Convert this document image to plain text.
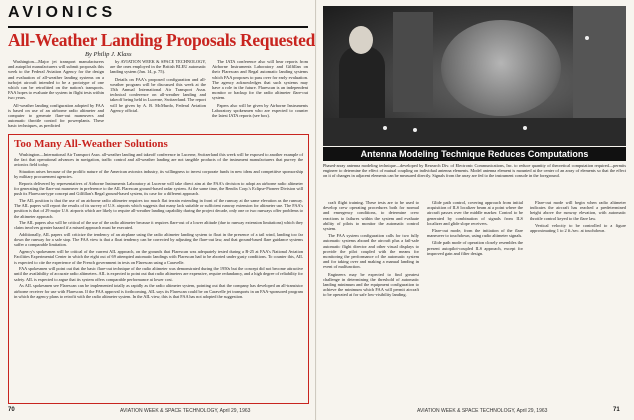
AVIONICS
All-Weather Landing Proposals Requested
By Philip J. Klass

Washington—Major jet transport manufacturers and autopilot manufacturers will submit proposals this week to the Federal Aviation Agency for the design and evaluation of all-weather landing systems on a turbojet aircraft intended to be a prototype of one which can be retrofitted on the nation's transports. FAA hopes to evaluate the system in flight tests within two years.

All-weather landing configuration adopted by FAA is based on use of an airborne radio altimeter and computer to generate flare-out maneuvers and automatic throttle control for powerplants. These basic techniques, as predicted

by AVIATION WEEK & SPACE TECHNOLOGY, are the ones employed in the British BLEU automatic landing system (Jan. 14, p. 75).

Details on FAA's proposed configuration and all-weather program will be discussed this week at the 15th Annual International Air Transport Assn. technical conference on all-weather landing and takeoff being held in Lucerne, Switzerland. The report will be given by A. B. McMurdo, Federal Aviation Agency official.

The IATA conference also will hear reports from Airborne Instruments Laboratory and Gilfillan on their Flarescan and Regal automatic landing systems which FAA proposes to pass over for early evaluation. The agency acknowledges that such systems may have a role in the future. Flarescan is an independent monitor or backup for the radio altimeter flare-out system.

Papers also will be given by Airborne Instruments Laboratory spokesmen who are expected to counter the latest IATA reports (see box).

Too Many All-Weather Solutions

Washington—International Air Transport Assn. all-weather landing and takeoff conference in Lucerne, Switzerland this week will be exposed to another example of the fact that operational advances in navigation, traffic control and all-weather landing are not tangible products of the instrument manufacturers that purvey the avionics field today.

Situation arises because of the prolific nature of the American avionics industry, its willingness to invest corporate funds in new ideas and competitive sponsorship by military procurement agencies.

Reports delivered by representatives of Airborne Instruments Laboratory at Lucerne will take direct aim at the FAA's decision to adopt an airborne radio altimeter for generating the flare-out maneuver in preference to the AIL Flarescan ground-based radar system. At the same time, the Bendix Corp.'s Eclipse-Pioneer Division will push its Flarescan-type concept and Gilfillan's Regal ground-based system, its case for a different approach.

The AIL position is that the use of an airborne radio altimeter requires too much flat terrain extending in front of the runway at the same elevation as the runway. The AIL papers will report the results of its survey of U.S. airports which suggests that many lack suitable or sufficient runway extension for altimeter use. The FAA's position is that of 29 major U.S. airports which are likely to require all-weather landing capability during the project decade, only one or two runways offer problems to the altimeter approach.

The AIL papers also will be critical of the use of the radio altimeter because it requires flare-out of a lower altitude (due to runway extension limitations) which they claim involves greater hazard if a missed approach must be executed.

Additionally, AIL papers will criticize the tendency of an airplane using the radio altimeter landing system to float in the presence of a tail wind, landing too far down the runway for a safe stop. The FAA view is that a float tendency can be corrected by adjusting the flare-out law, and that ground-based flare guidance systems suffer a comparable limitation.

Agency's spokesmen will be critical of the current AIL approach, on the grounds that Flarescan was adequately tested during a B-25 at FAA's National Aviation Facilities Experimental Center in which the eight out of 69 attempted automatic landings with Flarescan had to be aborted under gusty conditions. To counter this, AIL is expected to cite the experience of the French government in tests on Flarescan using a Caravelle.

FAA spokesmen will point out that the basic flare-out technique of the radio altimeter was demonstrated during the 1950s but the concept did not become attractive until the availability of accurate radio altimeters. AIL is expected to point out that radio altimeters are expensive, require redundancy, and a high degree of reliability for safety. AIL is expected to argue that its system offers comparable performance at lower cost.

As AIL spokesmen see Flarescan can be implemented totally as rapidly as the radio altimeter system, pointing out that the company has developed an all-transistor airborne receiver for use with Flarescan. If the FAA approval is forthcoming, AIL says its Flarescan could be on Caravelle jet transports in an FAA-sponsored program in which the agency plans to retrofit with the radio altimeter system. In the AIL view, this is that FAA has not adopted the suggestion.

70	AVIATION WEEK & SPACE TECHNOLOGY, April 29, 1963
Antenna Modeling Technique Reduces Computations
Phased-array antenna modeling technique—developed by Research Div. of Electronic Communications, Inc. to reduce quantity of theoretical computation required—permits engineer to determine the effect of mutual coupling on individual antenna elements. Model antenna element is mounted at the center of an array of elements so that the effect on it of changes in adjacent elements can be measured directly. Signals from the array are fed to the instrument console in the foreground.

craft flight training. These tests are to be used to develop crew operating procedures both for normal and emergency conditions, to determine crew reactions to failures within the system and evaluate ability of pilots to monitor the automatic control system.

The FAA system configuration calls for two fully automatic systems aboard the aircraft plus a fail-safe automatic flight director and other visual displays to provide the pilot coupled with the means for monitoring the performance of the automatic system and for taking over and making a manual landing in event of malfunction.

Engineers may be expected to find greatest challenge in determining the threshold of automatic landing minimum and the equipment configuration to achieve the minimum which FAA will permit aircraft to be operated at for safe low-visibility landing.

Glide path control, covering approach from initial acquisition of ILS localizer beam at a point where the aircraft passes over the middle marker. Control to be generated by combination of signals from ILS localizer and glide slope receivers.

Flare-out mode, from the initiation of the flare maneuver to touchdown, using radio altimeter signals.

Glide path mode of operation closely resembles the present autopilot-coupled ILS approach, except for improved gain and filter design.

Flare-out mode will begin when radio altimeter indicates the aircraft has reached a predetermined height above the runway elevation, with automatic throttle control keyed to the flare law.

Vertical velocity to be controlled to a figure approximating 1 to 2 ft./sec. at touchdown.

AVIATION WEEK & SPACE TECHNOLOGY, April 29, 1963	71
